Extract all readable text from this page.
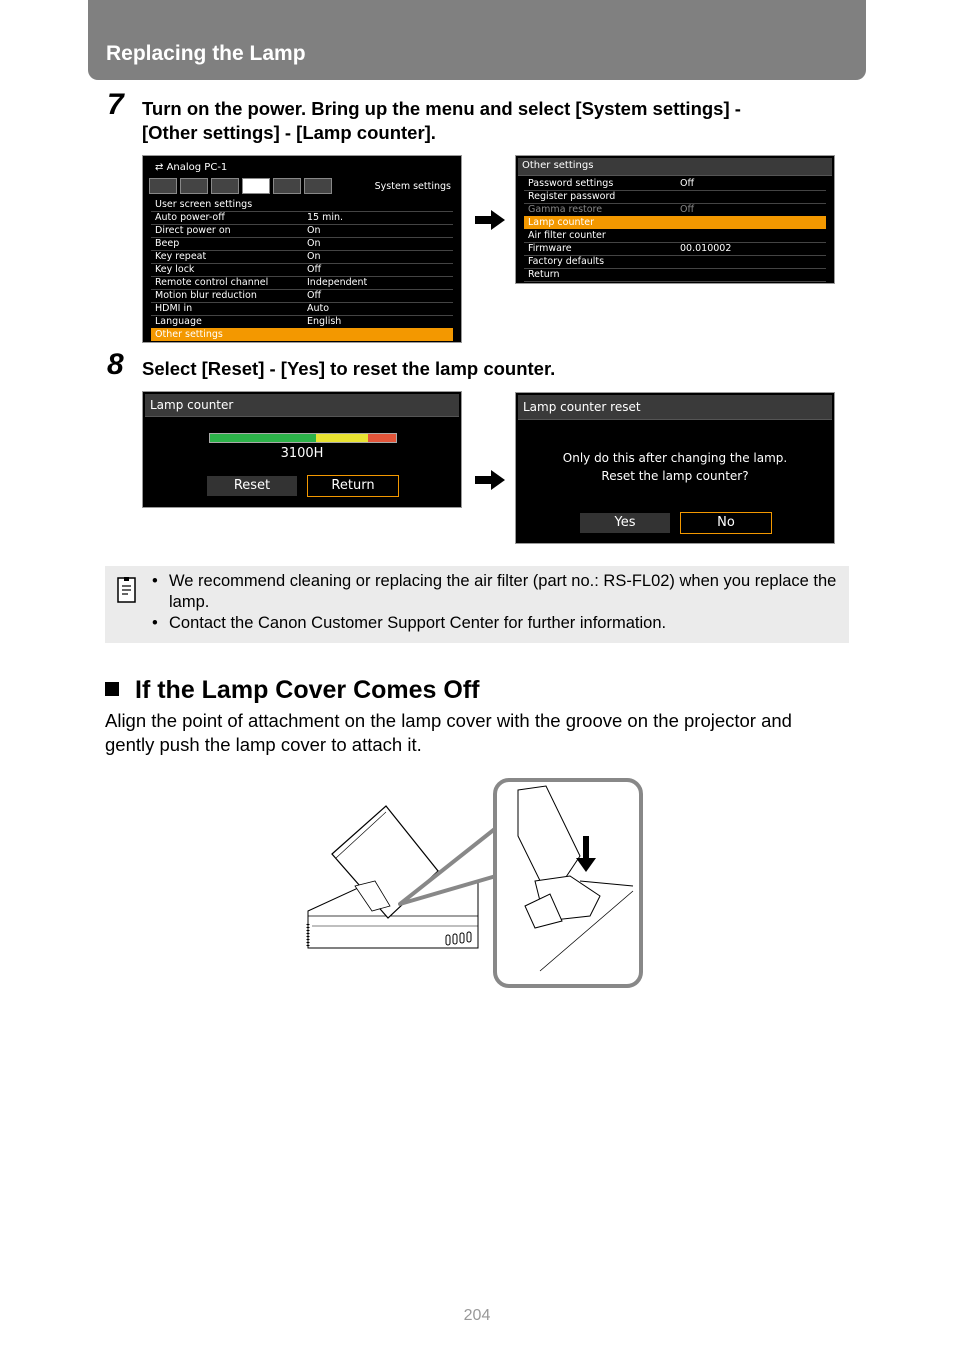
Replacing the Lamp
7 Turn on the power. Bring up the menu and select [System settings] -
[Other settings] - [Lamp counter].
⇄ Analog PC-1
System settings
User screen settings
Auto power-off	15 min.
Direct power on	On
Beep	On
Key repeat	On
Key lock	Off
Remote control channel	Independent
Motion blur reduction	Off
HDMI in	Auto
Language	English
Other settings
Other settings
Password settings	Off
Register password
Gamma restore	Off
Lamp counter
Air filter counter
Firmware	00.010002
Factory defaults
Return
8 Select [Reset] - [Yes] to reset the lamp counter.
Lamp counter
3100H
Reset	Return
Lamp counter reset
Only do this after changing the lamp.
Reset the lamp counter?
Yes	No
• We recommend cleaning or replacing the air filter (part no.: RS-FL02) when you replace the lamp.
• Contact the Canon Customer Support Center for further information.
If the Lamp Cover Comes Off
Align the point of attachment on the lamp cover with the groove on the projector and gently push the lamp cover to attach it.
204
